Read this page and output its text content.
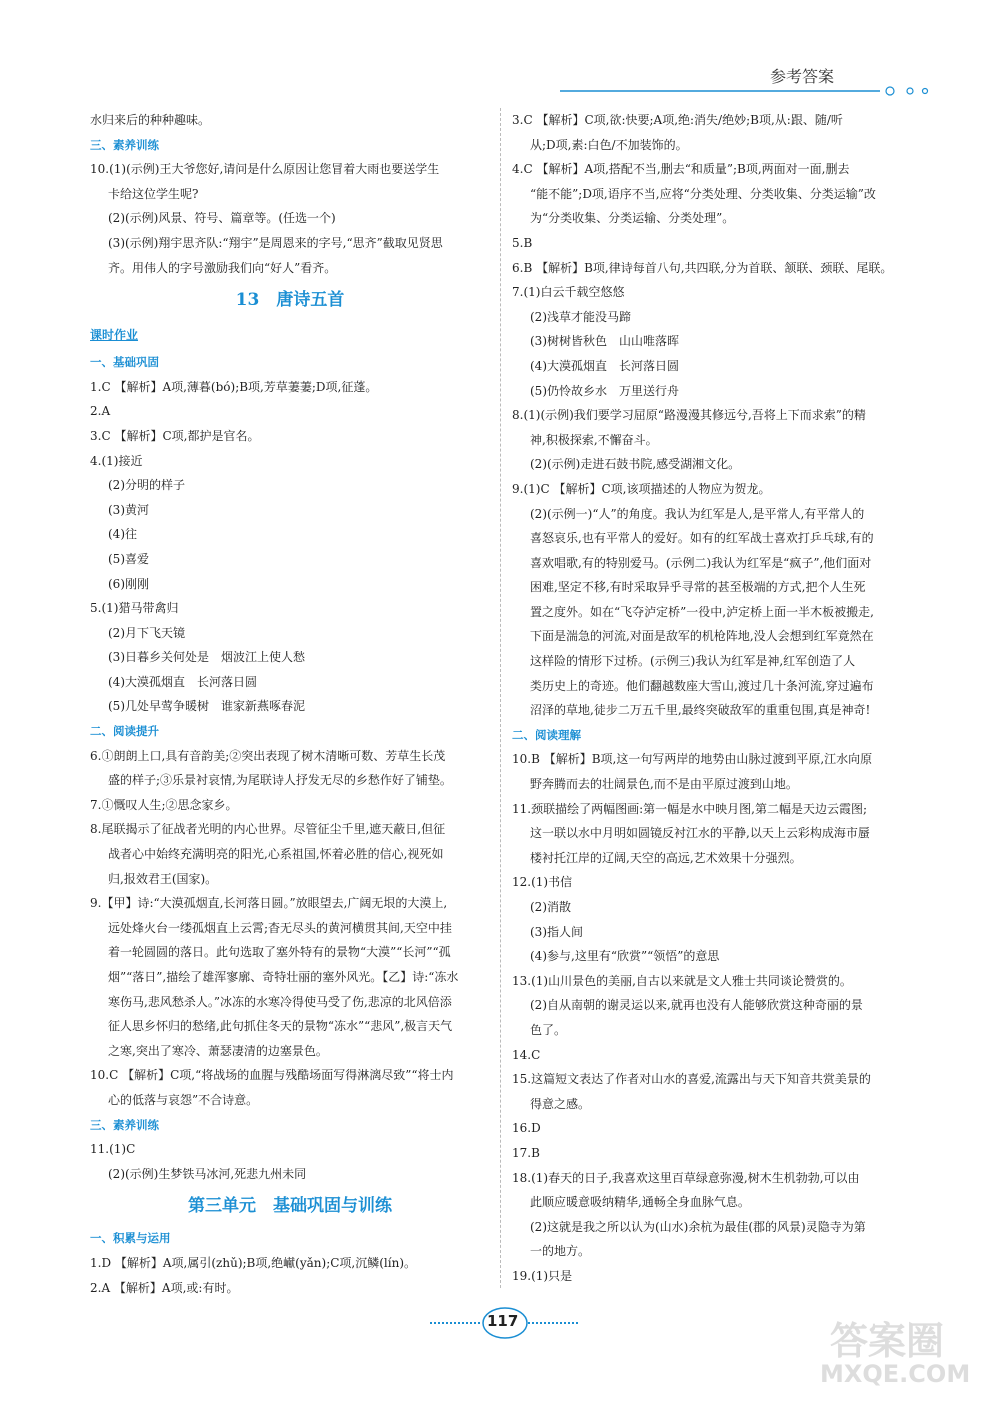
参考答案
水归来后的种种趣味。
三、素养训练
10.(1)(示例)王大爷您好,请问是什么原因让您冒着大雨也要送学生
卡给这位学生呢?
(2)(示例)风景、符号、篇章等。(任选一个)
(3)(示例)翔宇思齐队:“翔宇”是周恩来的字号,“思齐”截取见贤思
齐。用伟人的字号激励我们向“好人”看齐。
13　唐诗五首
课时作业
一、基础巩固
1.C 【解析】A项,薄暮(bó);B项,芳草萋萋;D项,征蓬。
2.A
3.C 【解析】C项,都护是官名。
4.(1)接近
(2)分明的样子
(3)黄河
(4)往
(5)喜爱
(6)刚刚
5.(1)猎马带禽归
(2)月下飞天镜
(3)日暮乡关何处是　烟波江上使人愁
(4)大漠孤烟直　长河落日圆
(5)几处早莺争暖树　谁家新燕啄春泥
二、阅读提升
6.①朗朗上口,具有音韵美;②突出表现了树木清晰可数、芳草生长茂
盛的样子;③乐景衬哀情,为尾联诗人抒发无尽的乡愁作好了铺垫。
7.①慨叹人生;②思念家乡。
8.尾联揭示了征战者光明的内心世界。尽管征尘千里,遮天蔽日,但征
战者心中始终充满明亮的阳光,心系祖国,怀着必胜的信心,视死如
归,报效君王(国家)。
9.【甲】诗:“大漠孤烟直,长河落日圆。”放眼望去,广阔无垠的大漠上,
远处烽火台一缕孤烟直上云霄;杳无尽头的黄河横贯其间,天空中挂
着一轮圆圆的落日。此句选取了塞外特有的景物“大漠”“长河”“孤
烟”“落日”,描绘了雄浑寥廓、奇特壮丽的塞外风光。【乙】诗:“冻水
寒伤马,悲风愁杀人。”冰冻的水寒冷得使马受了伤,悲凉的北风倍添
征人思乡怀归的愁绪,此句抓住冬天的景物“冻水”“悲风”,极言天气
之寒,突出了寒冷、萧瑟凄清的边塞景色。
10.C 【解析】C项,“将战场的血腥与残酷场面写得淋漓尽致”“将士内
心的低落与哀怨”不合诗意。
三、素养训练
11.(1)C
(2)(示例)生梦铁马冰河,死悲九州未同
第三单元　基础巩固与训练
一、积累与运用
1.D 【解析】A项,属引(zhǔ);B项,绝𪩘(yǎn);C项,沉鳞(lín)。
2.A 【解析】A项,或:有时。
3.C 【解析】C项,欲:快要;A项,绝:消失/绝妙;B项,从:跟、随/听
从;D项,素:白色/不加装饰的。
4.C 【解析】A项,搭配不当,删去“和质量”;B项,两面对一面,删去
“能不能”;D项,语序不当,应将“分类处理、分类收集、分类运输”改
为“分类收集、分类运输、分类处理”。
5.B
6.B 【解析】B项,律诗每首八句,共四联,分为首联、颔联、颈联、尾联。
7.(1)白云千载空悠悠
(2)浅草才能没马蹄
(3)树树皆秋色　山山唯落晖
(4)大漠孤烟直　长河落日圆
(5)仍怜故乡水　万里送行舟
8.(1)(示例)我们要学习屈原“路漫漫其修远兮,吾将上下而求索”的精
神,积极探索,不懈奋斗。
(2)(示例)走进石鼓书院,感受湖湘文化。
9.(1)C 【解析】C项,该项描述的人物应为贺龙。
(2)(示例一)“人”的角度。我认为红军是人,是平常人,有平常人的
喜怒哀乐,也有平常人的爱好。如有的红军战士喜欢打乒乓球,有的
喜欢唱歌,有的特别爱马。(示例二)我认为红军是“疯子”,他们面对
困难,坚定不移,有时采取异乎寻常的甚至极端的方式,把个人生死
置之度外。如在“飞夺泸定桥”一役中,泸定桥上面一半木板被搬走,
下面是湍急的河流,对面是敌军的机枪阵地,没人会想到红军竟然在
这样险的情形下过桥。(示例三)我认为红军是神,红军创造了人
类历史上的奇迹。他们翻越数座大雪山,渡过几十条河流,穿过遍布
沼泽的草地,徒步二万五千里,最终突破敌军的重重包围,真是神奇!
二、阅读理解
10.B 【解析】B项,这一句写两岸的地势由山脉过渡到平原,江水向原
野奔腾而去的壮阔景色,而不是由平原过渡到山地。
11.颈联描绘了两幅图画:第一幅是水中映月图,第二幅是天边云霞图;
这一联以水中月明如圆镜反衬江水的平静,以天上云彩构成海市蜃
楼衬托江岸的辽阔,天空的高远,艺术效果十分强烈。
12.(1)书信
(2)消散
(3)指人间
(4)参与,这里有“欣赏”“领悟”的意思
13.(1)山川景色的美丽,自古以来就是文人雅士共同谈论赞赏的。
(2)自从南朝的谢灵运以来,就再也没有人能够欣赏这种奇丽的景
色了。
14.C
15.这篇短文表达了作者对山水的喜爱,流露出与天下知音共赏美景的
得意之感。
16.D
17.B
18.(1)春天的日子,我喜欢这里百草绿意弥漫,树木生机勃勃,可以由
此顺应暖意吸纳精华,通畅全身血脉气息。
(2)这就是我之所以认为(山水)余杭为最佳(郡的风景)灵隐寺为第
一的地方。
19.(1)只是
117	答案圈
MXQE.COM
